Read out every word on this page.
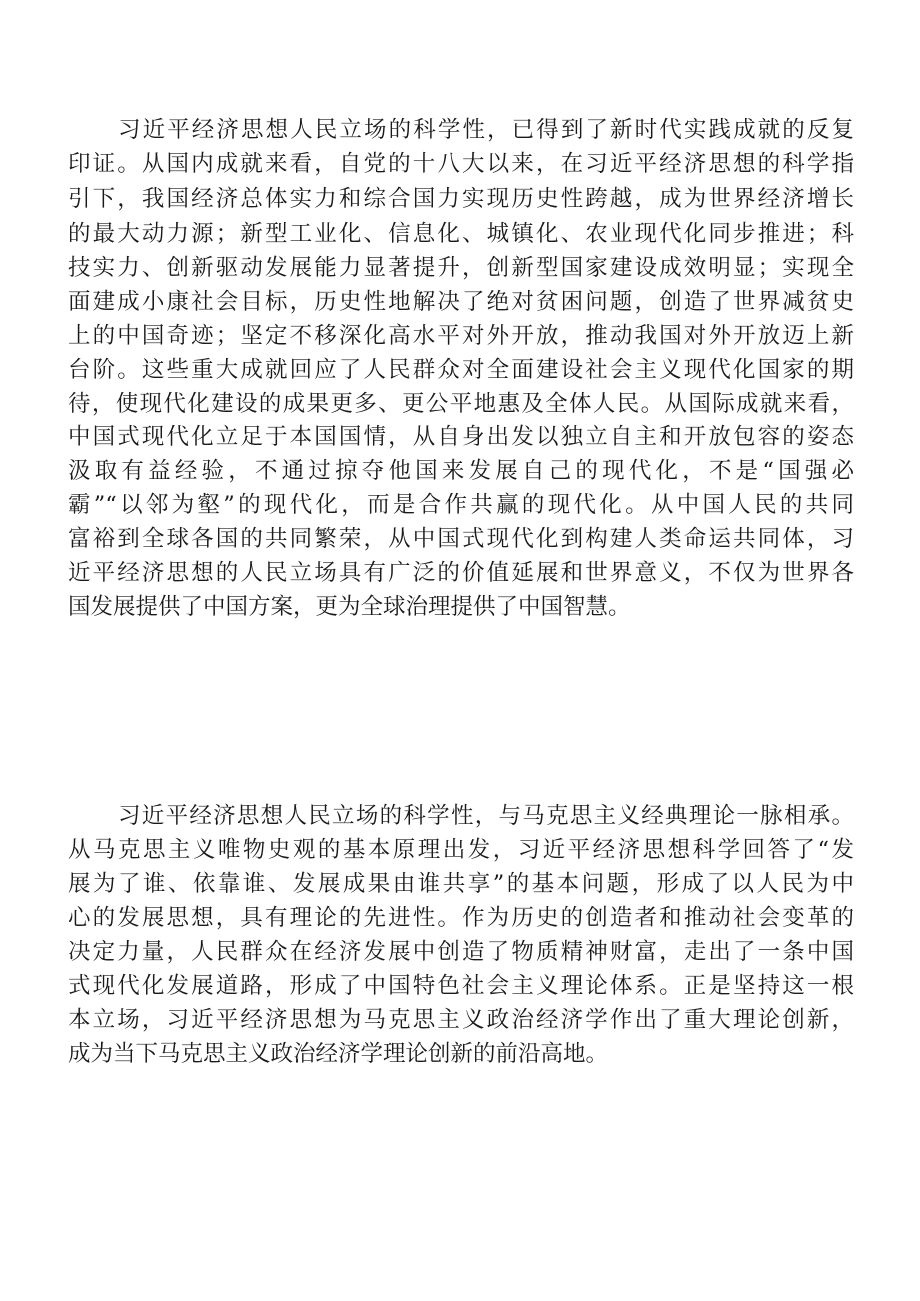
习近平经济思想人民立场的科学性，已得到了新时代实践成就的反复
印证。从国内成就来看，自党的十八大以来，在习近平经济思想的科学指
引下，我国经济总体实力和综合国力实现历史性跨越，成为世界经济增长
的最大动力源；新型工业化、信息化、城镇化、农业现代化同步推进；科
技实力、创新驱动发展能力显著提升，创新型国家建设成效明显；实现全
面建成小康社会目标，历史性地解决了绝对贫困问题，创造了世界减贫史
上的中国奇迹；坚定不移深化高水平对外开放，推动我国对外开放迈上新
台阶。这些重大成就回应了人民群众对全面建设社会主义现代化国家的期
待，使现代化建设的成果更多、更公平地惠及全体人民。从国际成就来看，
中国式现代化立足于本国国情，从自身出发以独立自主和开放包容的姿态
汲取有益经验，不通过掠夺他国来发展自己的现代化，不是“国强必
霸”“以邻为壑”的现代化，而是合作共赢的现代化。从中国人民的共同
富裕到全球各国的共同繁荣，从中国式现代化到构建人类命运共同体，习
近平经济思想的人民立场具有广泛的价值延展和世界意义，不仅为世界各
国发展提供了中国方案，更为全球治理提供了中国智慧。
习近平经济思想人民立场的科学性，与马克思主义经典理论一脉相承。
从马克思主义唯物史观的基本原理出发，习近平经济思想科学回答了“发
展为了谁、依靠谁、发展成果由谁共享”的基本问题，形成了以人民为中
心的发展思想，具有理论的先进性。作为历史的创造者和推动社会变革的
决定力量，人民群众在经济发展中创造了物质精神财富，走出了一条中国
式现代化发展道路，形成了中国特色社会主义理论体系。正是坚持这一根
本立场，习近平经济思想为马克思主义政治经济学作出了重大理论创新，
成为当下马克思主义政治经济学理论创新的前沿高地。
